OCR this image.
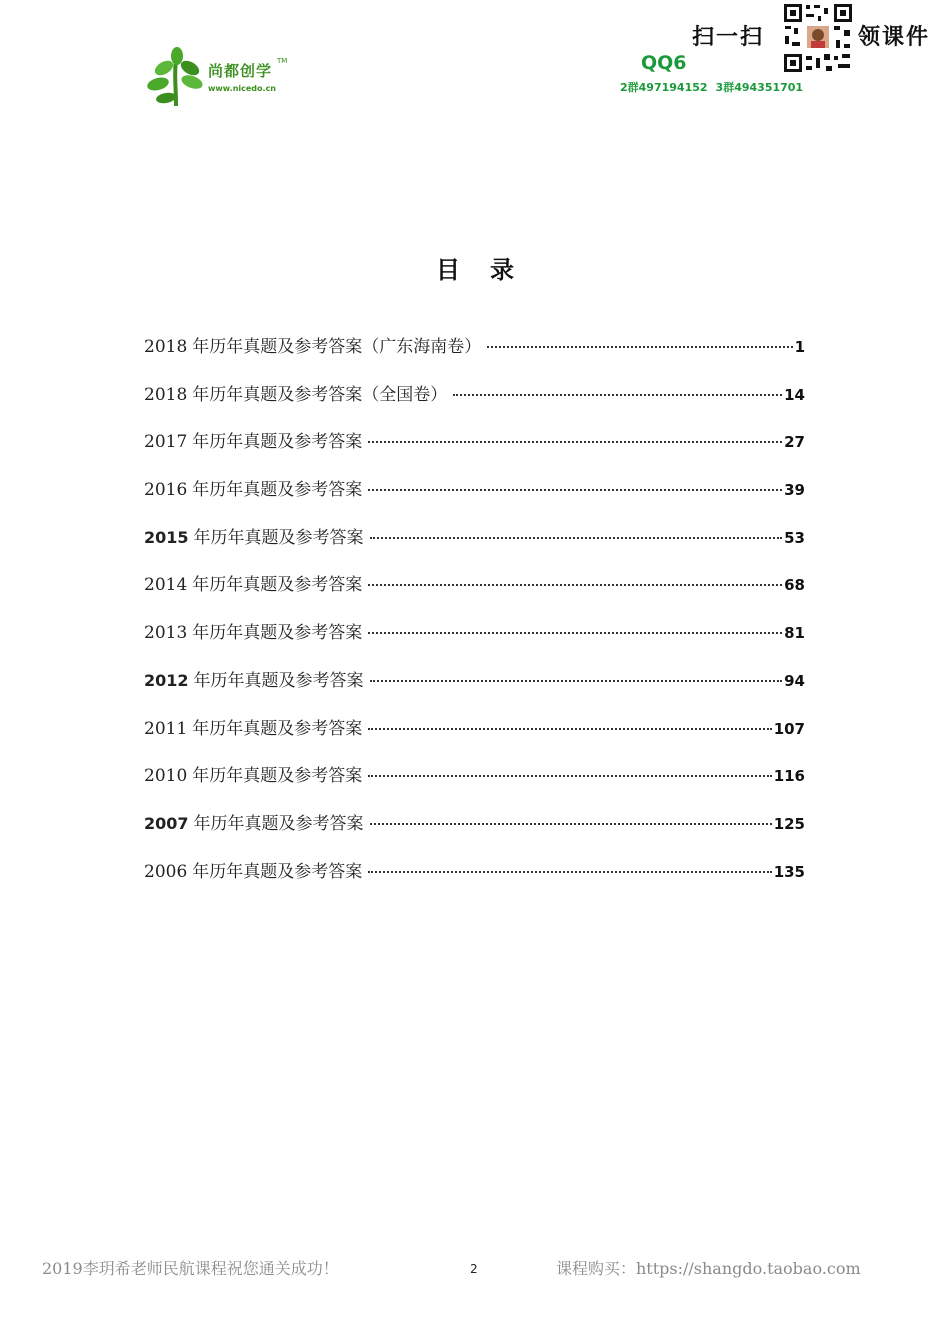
尚都创学
TM
www.nicedo.cn
扫一扫	领课件
QQ6
2群497194152 3群494351701
目录
2018 年历年真题及参考答案（广东海南卷）	1
2018 年历年真题及参考答案（全国卷）	14
2017 年历年真题及参考答案	27
2016 年历年真题及参考答案	39
2015 年历年真题及参考答案	53
2014 年历年真题及参考答案	68
2013 年历年真题及参考答案	81
2012 年历年真题及参考答案	94
2011 年历年真题及参考答案	107
2010 年历年真题及参考答案	116
2007 年历年真题及参考答案	125
2006 年历年真题及参考答案	135
2019李玥希老师民航课程祝您通关成功！	2	课程购买：https://shangdo.taobao.com
